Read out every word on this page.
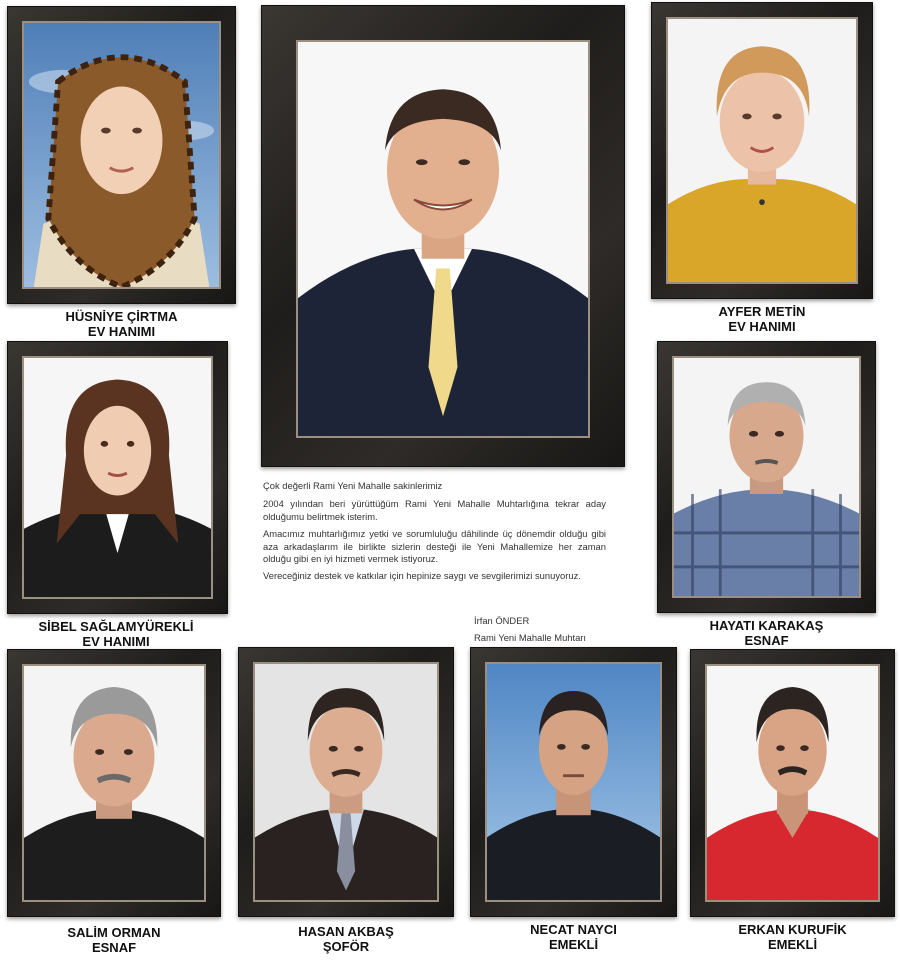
HÜSNİYE ÇİRTMA
EV HANIMI
AYFER METİN
EV HANIMI
SİBEL SAĞLAMYÜREKLİ
EV HANIMI
HAYATI KARAKAŞ
ESNAF
SALİM ORMAN
ESNAF
HASAN AKBAŞ
ŞOFÖR
NECAT NAYCI
EMEKLİ
ERKAN KURUFİK
EMEKLİ

Çok değerli Rami Yeni Mahalle sakinlerimiz

2004 yılından beri yürüttüğüm Rami Yeni Mahalle Muhtarlığına tekrar aday olduğumu belirtmek isterim.

Amacımız muhtarlığımız yetki ve sorumluluğu dâhilinde üç dönemdir olduğu gibi aza arkadaşlarım ile birlikte sizlerin desteği ile Yeni Mahallemize her zaman olduğu gibi en iyi hizmeti vermek istiyoruz.

Vereceğiniz destek ve katkılar için hepinize saygı ve sevgilerimizi sunuyoruz.

İrfan ÖNDER
Rami Yeni Mahalle Muhtarı
